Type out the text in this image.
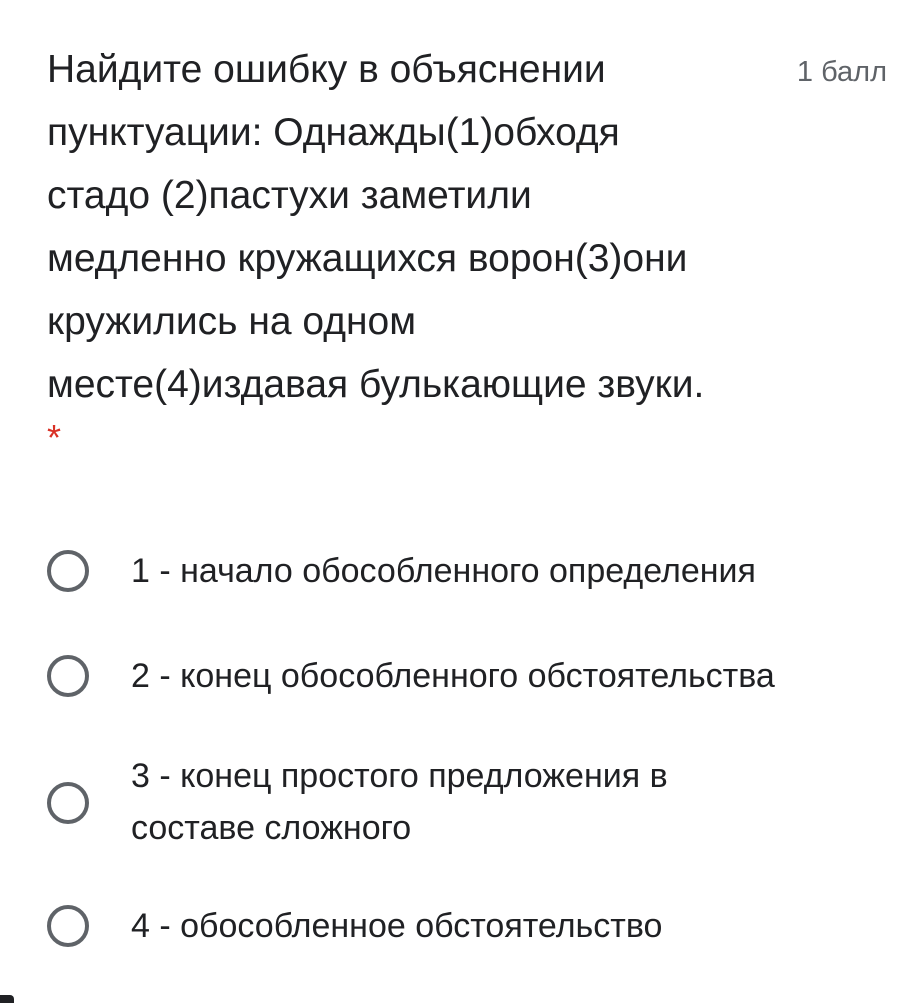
Найдите ошибку в объяснении
пунктуации: Однажды(1)обходя
стадо (2)пастухи заметили
медленно кружащихся ворон(3)они
кружились на одном
месте(4)издавая булькающие звуки.

*
1 балл
1 - начало обособленного определения
2 - конец обособленного обстоятельства
3 - конец простого предложения в составе сложного
4 - обособленное обстоятельство
